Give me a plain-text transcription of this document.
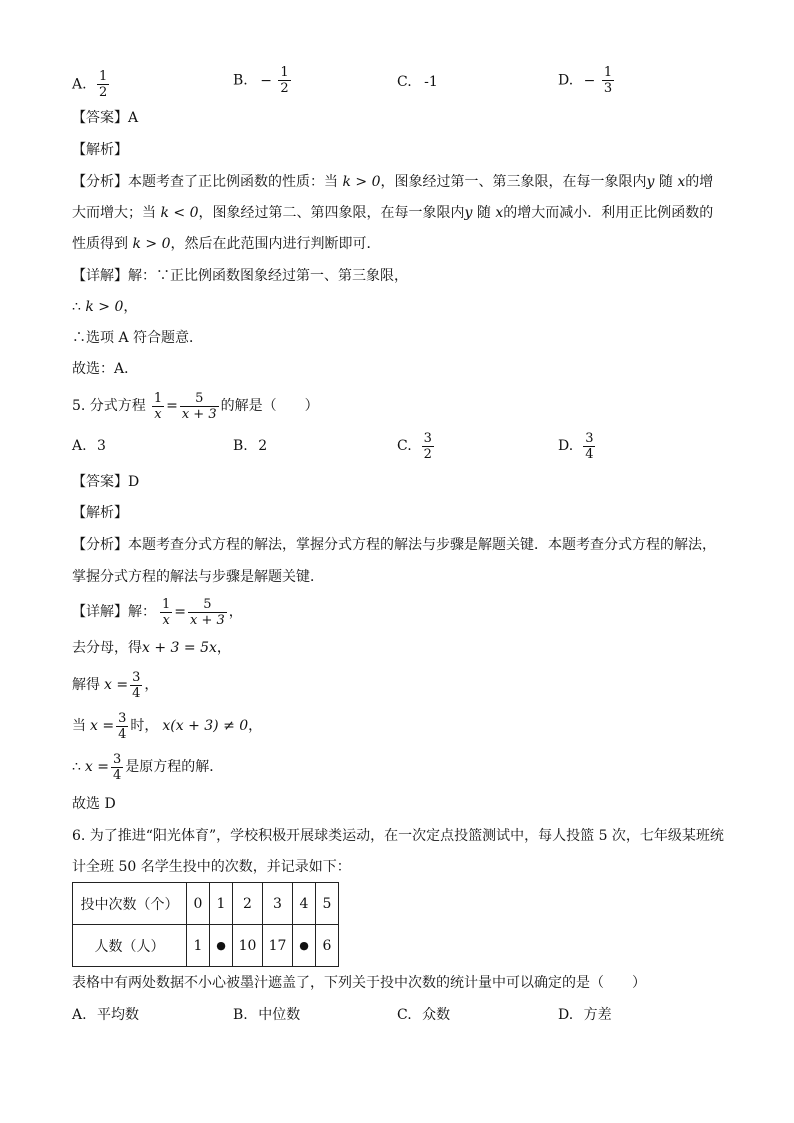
A. $\frac{1}{2}$	B. − $\frac{1}{2}$	C. -1	D. − $\frac{1}{3}$
【答案】A
【解析】
【分析】本题考查了正比例函数的性质：当 k > 0，图象经过第一、第三象限，在每一象限内y 随 x的增
大而增大；当 k < 0，图象经过第二、第四象限，在每一象限内y 随 x的增大而减小．利用正比例函数的
性质得到 k > 0，然后在此范围内进行判断即可．
【详解】解：∵正比例函数图象经过第一、第三象限，
∴ k > 0，
∴选项 A 符合题意．
故选：A．
5. 分式方程 $\frac{1}{x} = \frac{5}{x + 3}$ 的解是（　　）
A. 3	B. 2	C. $\frac{3}{2}$	D. $\frac{3}{4}$
【答案】D
【解析】
【分析】本题考查分式方程的解法，掌握分式方程的解法与步骤是解题关键．本题考查分式方程的解法，
掌握分式方程的解法与步骤是解题关键．
【详解】 解： $\frac{1}{x} = \frac{5}{x + 3}$ ，
去分母，得x + 3 = 5x，
解得 $x = \frac{3}{4}$ ，
当 $x = \frac{3}{4}$ 时， x(x + 3) ≠ 0 ，
∴ $x = \frac{3}{4}$ 是原方程的解．
故选 D
6. 为了推进“阳光体育”，学校积极开展球类运动，在一次定点投篮测试中，每人投篮 5 次，七年级某班统
计全班 50 名学生投中的次数，并记录如下：
投中次数（个）	0	1	2	3	4	5
人数（人）	1	●	10	17	●	6
表格中有两处数据不小心被墨汁遮盖了，下列关于投中次数的统计量中可以确定的是（　　）
A. 平均数	B. 中位数	C. 众数	D. 方差
